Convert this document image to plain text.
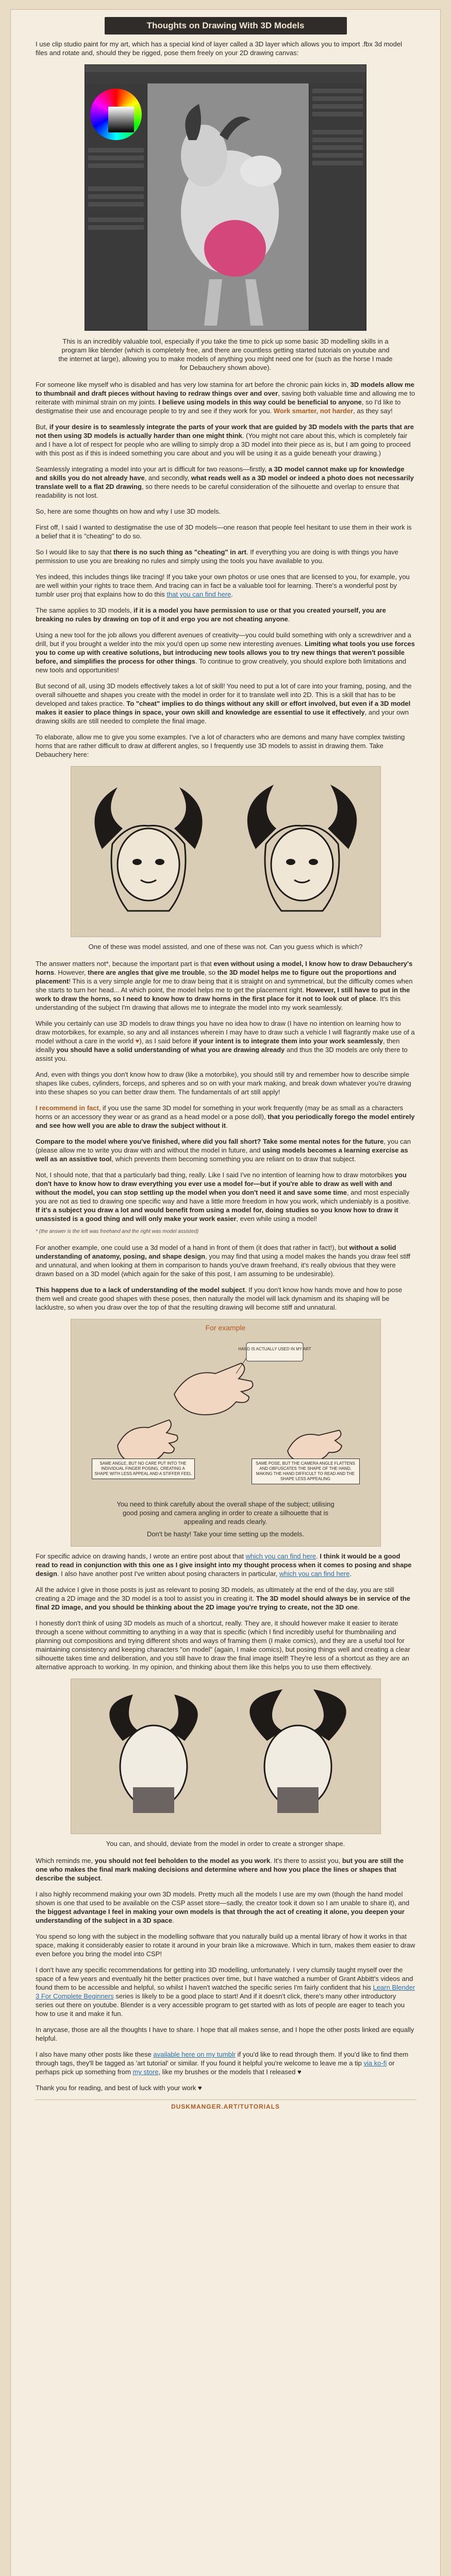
Thoughts on Drawing With 3D Models

I use clip studio paint for my art, which has a special kind of layer called a 3D layer which allows you to import .fbx 3d model files and rotate and, should they be rigged, pose them freely on your 2D drawing canvas:

This is an incredibly valuable tool, especially if you take the time to pick up some basic 3D modelling skills in a program like blender (which is completely free, and there are countless getting started tutorials on youtube and the internet at large), allowing you to make models of anything you might need one for (such as the horse I made for Debauchery shown above).

For someone like myself who is disabled and has very low stamina for art before the chronic pain kicks in, 3D models allow me to thumbnail and draft pieces without having to redraw things over and over, saving both valuable time and allowing me to reiterate with minimal strain on my joints. I believe using models in this way could be beneficial to anyone, so I'd like to destigmatise their use and encourage people to try and see if they work for you. Work smarter, not harder, as they say!

But, if your desire is to seamlessly integrate the parts of your work that are guided by 3D models with the parts that are not then using 3D models is actually harder than one might think. (You might not care about this, which is completely fair and I have a lot of respect for people who are willing to simply drop a 3D model into their piece as is, but I am going to proceed with this post as if this is indeed something you care about and you will be using it as a guide beneath your drawing.)

Seamlessly integrating a model into your art is difficult for two reasons—firstly, a 3D model cannot make up for knowledge and skills you do not already have, and secondly, what reads well as a 3D model or indeed a photo does not necessarily translate well to a flat 2D drawing, so there needs to be careful consideration of the silhouette and overlap to ensure that readability is not lost.

So, here are some thoughts on how and why I use 3D models.

First off, I said I wanted to destigmatise the use of 3D models—one reason that people feel hesitant to use them in their work is a belief that it is "cheating" to do so.

So I would like to say that there is no such thing as "cheating" in art. If everything you are doing is with things you have permission to use you are breaking no rules and simply using the tools you have available to you.

Yes indeed, this includes things like tracing! If you take your own photos or use ones that are licensed to you, for example, you are well within your rights to trace them. And tracing can in fact be a valuable tool for learning. There's a wonderful post by tumblr user proj that explains how to do this that you can find here.

The same applies to 3D models, if it is a model you have permission to use or that you created yourself, you are breaking no rules by drawing on top of it and ergo you are not cheating anyone.

Using a new tool for the job allows you different avenues of creativity—you could build something with only a screwdriver and a drill, but if you brought a welder into the mix you'd open up some new interesting avenues. Limiting what tools you use forces you to come up with creative solutions, but introducing new tools allows you to try new things that weren't possible before, and simplifies the process for other things. To continue to grow creatively, you should explore both limitations and new tools and opportunities!

But second of all, using 3D models effectively takes a lot of skill! You need to put a lot of care into your framing, posing, and the overall silhouette and shapes you create with the model in order for it to translate well into 2D. This is a skill that has to be developed and takes practice. To "cheat" implies to do things without any skill or effort involved, but even if a 3D model makes it easier to place things in space, your own skill and knowledge are essential to use it effectively, and your own drawing skills are still needed to complete the final image.

To elaborate, allow me to give you some examples. I've a lot of characters who are demons and many have complex twisting horns that are rather difficult to draw at different angles, so I frequently use 3D models to assist in drawing them. Take Debauchery here:

One of these was model assisted, and one of these was not. Can you guess which is which?

The answer matters not*, because the important part is that even without using a model, I know how to draw Debauchery's horns. However, there are angles that give me trouble, so the 3D model helps me to figure out the proportions and placement! This is a very simple angle for me to draw being that it is straight on and symmetrical, but the difficulty comes when she starts to turn her head... At which point, the model helps me to get the placement right. However, I still have to put in the work to draw the horns, so I need to know how to draw horns in the first place for it not to look out of place. It's this understanding of the subject I'm drawing that allows me to integrate the model into my work seamlessly.

While you certainly can use 3D models to draw things you have no idea how to draw (I have no intention on learning how to draw motorbikes, for example, so any and all instances wherein I may have to draw such a vehicle I will flagrantly make use of a model without a care in the world ♥), as I said before if your intent is to integrate them into your work seamlessly, then ideally you should have a solid understanding of what you are drawing already and thus the 3D models are only there to assist you.

And, even with things you don't know how to draw (like a motorbike), you should still try and remember how to describe simple shapes like cubes, cylinders, forceps, and spheres and so on with your mark making, and break down whatever you're drawing into these shapes so you can better draw them. The fundamentals of art still apply!

I recommend in fact, if you use the same 3D model for something in your work frequently (may be as small as a characters horns or an accessory they wear or as grand as a head model or a pose doll), that you periodically forego the model entirely and see how well you are able to draw the subject without it.

Compare to the model where you've finished, where did you fall short? Take some mental notes for the future, you can (please allow me to write you draw with and without the model in future, and using models becomes a learning exercise as well as an assistive tool, which prevents them becoming something you are reliant on to draw that subject.

Not, I should note, that that a particularly bad thing, really. Like I said I've no intention of learning how to draw motorbikes you don't have to know how to draw everything you ever use a model for—but if you're able to draw as well with and without the model, you can stop settling up the model when you don't need it and save some time, and most especially you are not as tied to drawing one specific way and have a little more freedom in how you work, which undeniably is a positive. If it's a subject you draw a lot and would benefit from using a model for, doing studies so you know how to draw it unassisted is a good thing and will only make your work easier, even while using a model!

* (the answer is the left was freehand and the right was model assisted)

For another example, one could use a 3d model of a hand in front of them (it does that rather in fact!), but without a solid understanding of anatomy, posing, and shape design, you may find that using a model makes the hands you draw feel stiff and unnatural, and when looking at them in comparison to hands you've drawn freehand, it's really obvious that they were drawn based on a 3D model (which again for the sake of this post, I am assuming to be undesirable).

This happens due to a lack of understanding of the model subject. If you don't know how hands move and how to pose them well and create good shapes with these poses, then naturally the model will lack dynamism and its shaping will be lacklustre, so when you draw over the top of that the resulting drawing will become stiff and unnatural.

For example
HAND IS ACTUALLY USED IN MY ART
SAME ANGLE, BUT NO CARE PUT INTO THE INDIVIDUAL FINGER POSING, CREATING A SHAPE WITH LESS APPEAL AND A STIFFER FEEL
SAME POSE, BUT THE CAMERA ANGLE FLATTENS AND OBFUSCATES THE SHAPE OF THE HAND, MAKING THE HAND DIFFICULT TO READ AND THE SHAPE LESS APPEALING

You need to think carefully about the overall shape of the subject; utilising good posing and camera angling in order to create a silhouette that is appealing and reads clearly.

Don't be hasty! Take your time setting up the models.

For specific advice on drawing hands, I wrote an entire post about that which you can find here. I think it would be a good read to read in conjunction with this one as I give insight into my thought process when it comes to posing and shape design. I also have another post I've written about posing characters in particular, which you can find here.

All the advice I give in those posts is just as relevant to posing 3D models, as ultimately at the end of the day, you are still creating a 2D image and the 3D model is a tool to assist you in creating it. The 3D model should always be in service of the final 2D image, and you should be thinking about the 2D image you're trying to create, not the 3D one.

I honestly don't think of using 3D models as much of a shortcut, really. They are, it should however make it easier to iterate through a scene without committing to anything in a way that is specific (which I find incredibly useful for thumbnailing and planning out compositions and trying different shots and ways of framing them (I make comics), and they are a useful tool for maintaining consistency and keeping characters "on model" (again, I make comics), but posing things well and creating a clear silhouette takes time and deliberation, and you still have to draw the final image itself! They're less of a shortcut as they are an alternative approach to working. In my opinion, and thinking about them like this helps you to use them effectively.

You can, and should, deviate from the model in order to create a stronger shape.

Which reminds me, you should not feel beholden to the model as you work. It's there to assist you, but you are still the one who makes the final mark making decisions and determine where and how you place the lines or shapes that describe the subject.

I also highly recommend making your own 3D models. Pretty much all the models I use are my own (though the hand model shown is one that used to be available on the CSP asset store—sadly, the creator took it down so I am unable to share it), and the biggest advantage I feel in making your own models is that through the act of creating it alone, you deepen your understanding of the subject in a 3D space.

You spend so long with the subject in the modelling software that you naturally build up a mental library of how it works in that space, making it considerably easier to rotate it around in your brain like a microwave. Which in turn, makes them easier to draw even before you bring the model into CSP!

I don't have any specific recommendations for getting into 3D modelling, unfortunately. I very clumsily taught myself over the space of a few years and eventually hit the better practices over time, but I have watched a number of Grant Abbitt's videos and found them to be accessible and helpful, so whilst I haven't watched the specific series I'm fairly confident that his Learn Blender 3 For Complete Beginners series is likely to be a good place to start! And if it doesn't click, there's many other introductory series out there on youtube. Blender is a very accessible program to get started with as lots of people are eager to teach you how to use it and make it fun.

In anycase, those are all the thoughts I have to share. I hope that all makes sense, and I hope the other posts linked are equally helpful.

I also have many other posts like these available here on my tumblr if you'd like to read through them. If you'd like to find them through tags, they'll be tagged as 'art tutorial' or similar. If you found it helpful you're welcome to leave me a tip via ko-fi or perhaps pick up something from my store, like my brushes or the models that I released ♥

Thank you for reading, and best of luck with your work ♥

DUSKMANGER.ART/TUTORIALS
